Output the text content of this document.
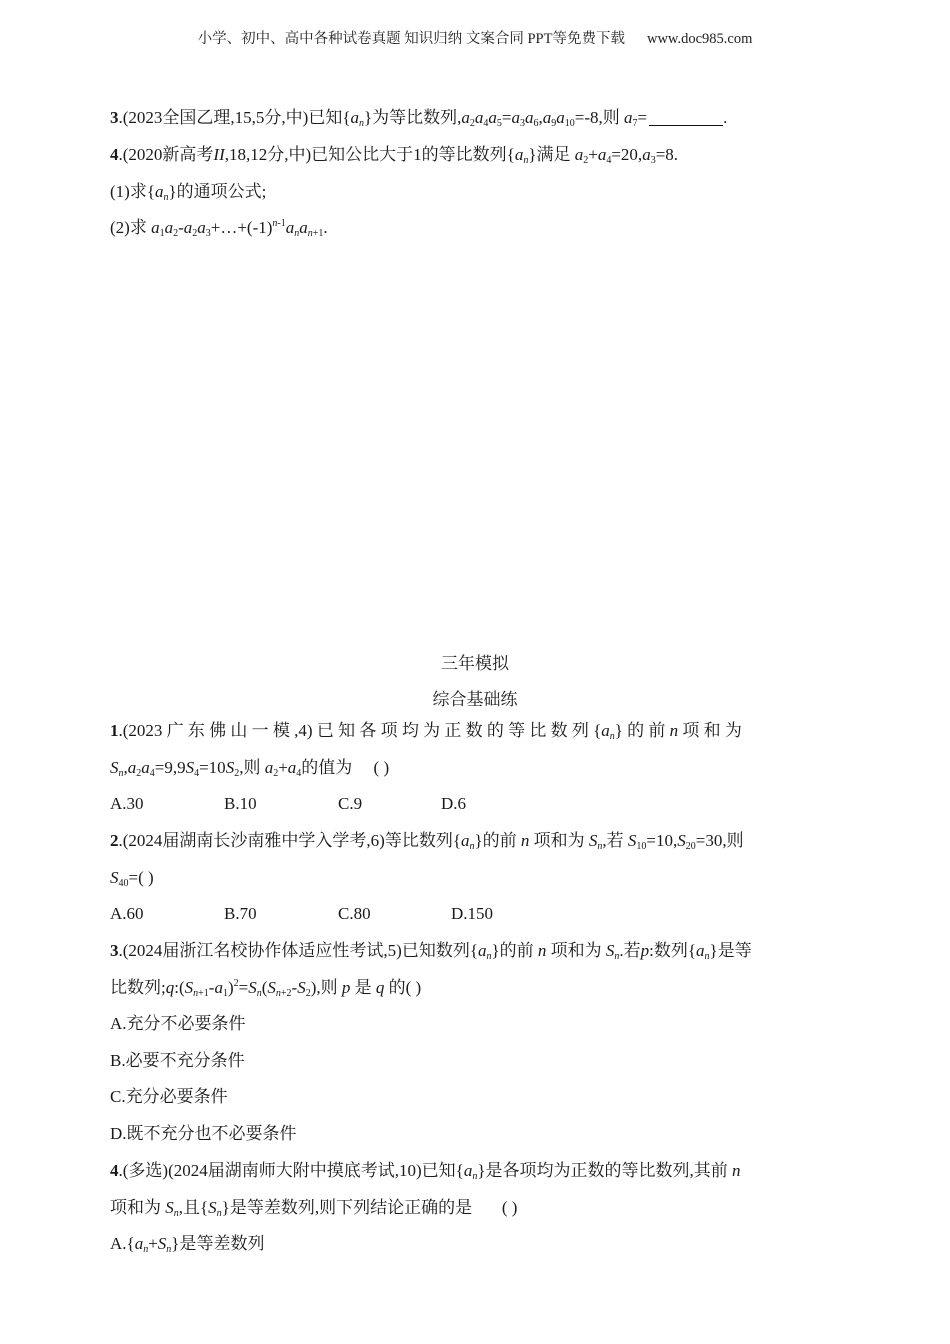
小学、初中、高中各种试卷真题 知识归纳 文案合同 PPT等免费下载 www.doc985.com
3.(2023全国乙理,15,5分,中)已知$\{a_n\}$为等比数列$,a_2a_4a_5=a_3a_6,a_9a_{10}=-8$,则 $a_7=$	.
4.(2020新高考II,18,12分,中)已知公比大于1的等比数列$\{a_n\}$满足 $a_2+a_4=20,a_3=8$.
(1)求$\{a_n\}$的通项公式;
(2)求 $a_1a_2-a_2a_3+\dots+(-1)^{n-1}a_na_{n+1}$.
三年模拟
综合基础练
1.(2023 广 东 佛 山 一 模 ,4) 已 知 各 项 均 为 正 数 的 等 比 数 列 $\{a_n\}$ 的 前 n 项 和 为
$S_n,a_2a_4=9,9S_4=10S_2$,则 $a_2+a_4$的值为 ( )
A.30	B.10	C.9	D.6
2.(2024届湖南长沙南雅中学入学考,6)等比数列$\{a_n\}$的前 n 项和为 $S_n$,若 $S_{10}=10,S_{20}=30$,则
$S_{40}=$( )
A.60	B.70	C.80	D.150
3.(2024届浙江名校协作体适应性考试,5)已知数列$\{a_n\}$的前 n 项和为 $S_n$.若p:数列$\{a_n\}$是等
比数列$;q:(S_{n+1}-a_1)^2=S_n(S_{n+2}-S_2)$,则 p 是 q 的( )
A.充分不必要条件
B.必要不充分条件
C.充分必要条件
D.既不充分也不必要条件
4.(多选)(2024届湖南师大附中摸底考试,10)已知$\{a_n\}$是各项均为正数的等比数列,其前 n
项和为 $S_n$,且$\{S_n\}$是等差数列,则下列结论正确的是 ( )
$A.\{a_n+S_n\}$是等差数列
